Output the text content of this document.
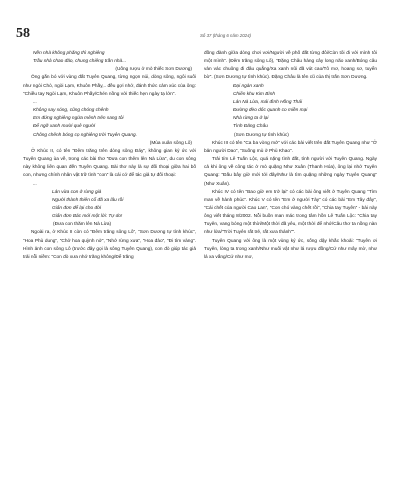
58	Số 37 (tháng 6 năm 2024)

Nền nhà không phẳng thì nghiêng

Trầu nhà chao đảo, chung chiêng trần nhà...

(Uống rượu ở mỏ thiếc Sơn Dương)

Ông gắn bó với vùng đất Tuyên Quang, từng ngọn núi, dòng sông, ngôi suối như ngòi Chò, ngòi Lạm, Khuôn Phầy,.. đều gợi nhớ, đánh thức cảm xúc của ông: “Chiều tay Ngòi Lạm, Khuôn Phầy/Chén nồng với thiếc hẹn ngày tạ lớn”.

...

Không say sóng, cũng chóng chênh

Em đứng nghiêng ngửa mênh trên sang tôi

Để ngỡ xanh mười quê người

Chông chênh bóng cọ nghiêng trời Tuyên Quang.

(Mùa xuân sông Lô)

Ở Khúc II, có tên “Đêm trăng trên dòng sông Đáy”, không gian kỷ ức với Tuyên Quang ùa về, trong các bài thơ “Đưa con thêm lên Nà Lừa”, du con sông này không liên quan đến Tuyên Quang. Bài thơ này là sự đối thoại giữa hai bố con, nhưng chính nhân vật trữ tình “con” là cái cớ để tác giả tự đối thoại:

...

Lán vừa con ở rừng già

Người thành thiên cổ đã xa lâu rồi

Giấn đơn để lại cho đời

Giấn đơn Bác mới một lời: Tự do!

(Đưa con thăm lên Nà Lừa)

Ngoài ra, ở Khúc II còn có “Đêm trăng sông Lô”, “Sơn Dương tự tình khúc”, “Hoa Phù dung”, “Chở hoa quỳnh nở”, “Nhớ rừng xưa”, “Hoa đào”, “Đi tìm vàng”. Hình ảnh con sông Lô (trước đây gọi là sông Tuyên Quang), con đò giúp tác giả trải nỗi niềm: “Con đò xưa nhớ trăng không/Để trăng

đồng đành giữa dòng chơi vơi/Người về phố đất từng đôi/Còn tôi đi với mình tôi một mình”. (Đêm trăng sông Lô), “Đặng Châu hàng cây long não xanh/Bóng câu vàn vác chuông đi đâu quẳng/Xa xanh nũi đã vút cao/Tô mơ, hoang sơ, tuyển bờ”. (Sơn Dương tự tình khúc). Đặng Châu là tên cũ của thị trấn Sơn Dương.

Đại ngàn xanh

Chiến khu Kim Bình

Lán Nà Lừa, mái đình Hồng Thái

Đường đèo dốc quanh co miền mại

Nhà rừng ta ở lại

Tình Đảng Châu

(Sơn Dương tự tình khúc)

Khúc III có tên “Ca ba vòng mở” với các bài viết trên đất Tuyên Quang như “Ở bản người Dao”, “Suống mù ở Phù Khao”.

Trải tím Lê Tuấn Lộc, quá nặng tình đất, tình người với Tuyên Quang. Ngày cả khi ông về công tác ở mỏ quặng Như Xuân (Thanh Hóa), ông lại nhớ Tuyên Quang: “Đấu bây giờ mới tới đây/Như là tìm quặng những ngày Tuyên Quang” (Như Xuân).

Khúc IV có tên “Bao giờ em trở lại” có các bài ông viết ở Tuyên Quang “Tìm man về hành phúc”. Khúc V có tên “Em ở người Tày” có các bài “Em Tây đây”, “Cái chết của người Cao Lan”, “Con chó vàng chết rồi”, “Chia tay Tuyên” - bài này ông viết tháng 8/2002. Nỗi buồn man mác trong tâm hồn Lê Tuấn Lộc: “Chia tay Tuyên, vang bóng một thời/Một thời đã yêu, một thời để nhớ/Câu thơ ta nồng nàn như lửa/“Trời Tuyên rất trẻ, rất xưa thánh””.

Tuyên Quang với ông là một vùng ký ức, sống dậy khắc khoải: “Tuyên ơi Tuyên, lòng ta trong xanh/Như muối vật như lá rượu đồng/Cứ như mây mờ, như lá xa vắng/Cứ như mơ,
